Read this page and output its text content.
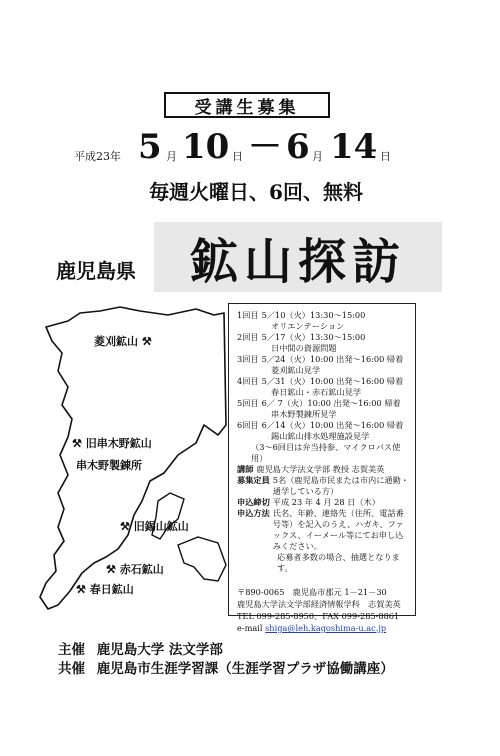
受講生募集
平成23年 5 月 10 日 － 6 月 14 日
毎週火曜日、6回、無料
鹿児島県	鉱山探訪
菱刈鉱山 ⚒
⚒ 旧串木野鉱山
串木野製錬所
⚒ 旧錫山鉱山
⚒ 赤石鉱山
⚒ 春日鉱山
1回目 5／10（火）13:30～15:00
オリエンテーション
2回目 5／17（火）13:30～15:00
日中間の資源問題
3回目 5／24（火）10:00 出発～16:00 帰着
菱刈鉱山見学
4回目 5／31（火）10:00 出発～16:00 帰着
春日鉱山・赤石鉱山見学
5回目 6／ 7（火）10:00 出発～16:00 帰着
串木野製錬所見学
6回目 6／14（火）10:00 出発～16:00 帰着
錫山鉱山排水処理施設見学
（3～6回目は弁当持参、マイクロバス使用）
講師 鹿児島大学法文学部 教授 志賀美英
募集定員 5名（鹿児島市民または市内に通勤・通学している方）
申込締切 平成 23 年 4 月 28 日（木）
申込方法 氏名、年齢、連絡先（住所、電話番号等）を記入のうえ、ハガキ、ファックス、イーメール等にてお申し込みください。
応募者多数の場合、抽選となります。
〒890-0065　鹿児島市郡元 1－21－30
鹿児島大学法文学部経済情報学科　志賀美英
TEL 099-285-8950、FAX 099-285-8861
e-mail shiga@leh.kagoshima-u.ac.jp
主催 鹿児島大学 法文学部
共催 鹿児島市生涯学習課（生涯学習プラザ協働講座）
